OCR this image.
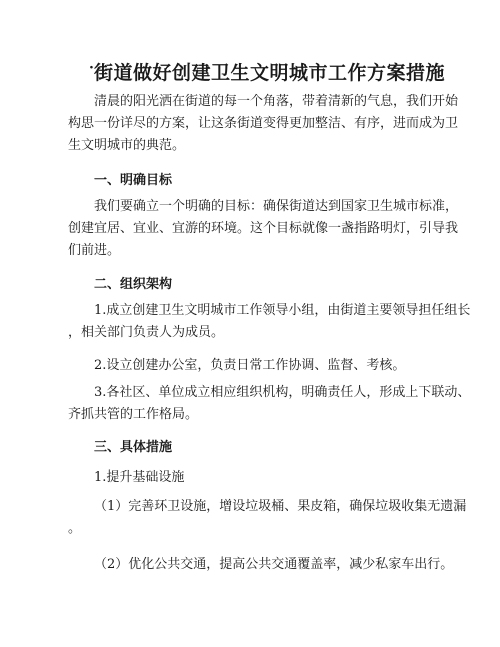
· 街道做好创建卫生文明城市工作方案措施

清晨的阳光洒在街道的每一个角落，带着清新的气息，我们开始
构思一份详尽的方案，让这条街道变得更加整洁、有序，进而成为卫
生文明城市的典范。

一、明确目标

我们要确立一个明确的目标：确保街道达到国家卫生城市标准，
创建宜居、宜业、宜游的环境。这个目标就像一盏指路明灯，引导我
们前进。

二、组织架构

1.成立创建卫生文明城市工作领导小组，由街道主要领导担任组长
，相关部门负责人为成员。

2.设立创建办公室，负责日常工作协调、监督、考核。

3.各社区、单位成立相应组织机构，明确责任人，形成上下联动、
齐抓共管的工作格局。

三、具体措施

1.提升基础设施

（1）完善环卫设施，增设垃圾桶、果皮箱，确保垃圾收集无遗漏
。

（2）优化公共交通，提高公共交通覆盖率，减少私家车出行。
